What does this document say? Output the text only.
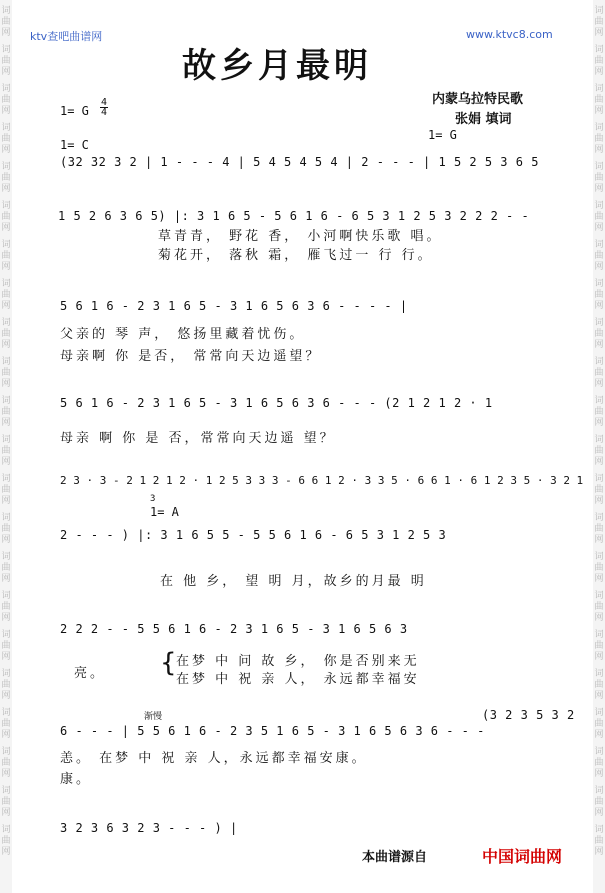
词曲网
词曲网
词曲网
词曲网
词曲网
词曲网
词曲网
词曲网
词曲网
词曲网
词曲网
词曲网
词曲网
词曲网
词曲网
词曲网
词曲网
词曲网
词曲网
词曲网
词曲网
词曲网
词曲网
词曲网
词曲网
词曲网
词曲网
词曲网
词曲网
词曲网
词曲网
词曲网
词曲网
词曲网
词曲网
词曲网
词曲网
词曲网
词曲网
词曲网
词曲网
词曲网
词曲网
词曲网
ktv查吧曲谱网	www.ktvc8.com
故乡月最明
内蒙乌拉特民歌
张娟 填词
1= G
4
4
1= C
1= G
(32 32 3 2 | 1 - - - 4 | 5 4 5 4 5 4 | 2 - - - | 1 5 2 5 3 6 5
1 5 2 6 3 6 5) |: 3 1 6 5 - 5 6 1 6 - 6 5 3 1 2 5 3 2 2 2 - -
草青青， 野花 香， 小河啊快乐歌 唱。
菊花开， 落秋 霜， 雁飞过一 行 行。
5 6 1 6 - 2 3 1 6 5 - 3 1 6 5 6 3 6 - - - - |
父亲的 琴 声， 悠扬里藏着忧伤。
母亲啊 你 是否， 常常向天边遥望？
5 6 1 6 - 2 3 1 6 5 - 3 1 6 5 6 3 6 - - - (2 1 2 1 2 · 1
母亲 啊 你 是 否，常常向天边遥 望？
2 3 · 3 - 2 1 2 1 2 · 1 2 5 3 3 3 - 6 6 1 2 · 3 3 5 · 6 6 1 · 6 1 2 3 5 · 3 2 1
3
1= A
2 - - - ) |: 3 1 6 5 5 - 5 5 6 1 6 - 6 5 3 1 2 5 3
在 他 乡， 望 明 月，故乡的月最 明
2 2 2 - - 5 5 6 1 6 - 2 3 1 6 5 - 3 1 6 5 6 3
亮。 { 在梦 中 问 故 乡， 你是否别来无
在梦 中 祝 亲 人， 永远都幸福安
渐慢
6 - - - | 5 5 6 1 6 - 2 3 5 1 6 5 - 3 1 6 5 6 3 6 - - -
(3 2 3 5 3 2
恙。 在梦 中 祝 亲 人，永远都幸福安康。
康。
3 2 3 6 3 2 3 - - - ) |
本曲谱源自	中国词曲网
